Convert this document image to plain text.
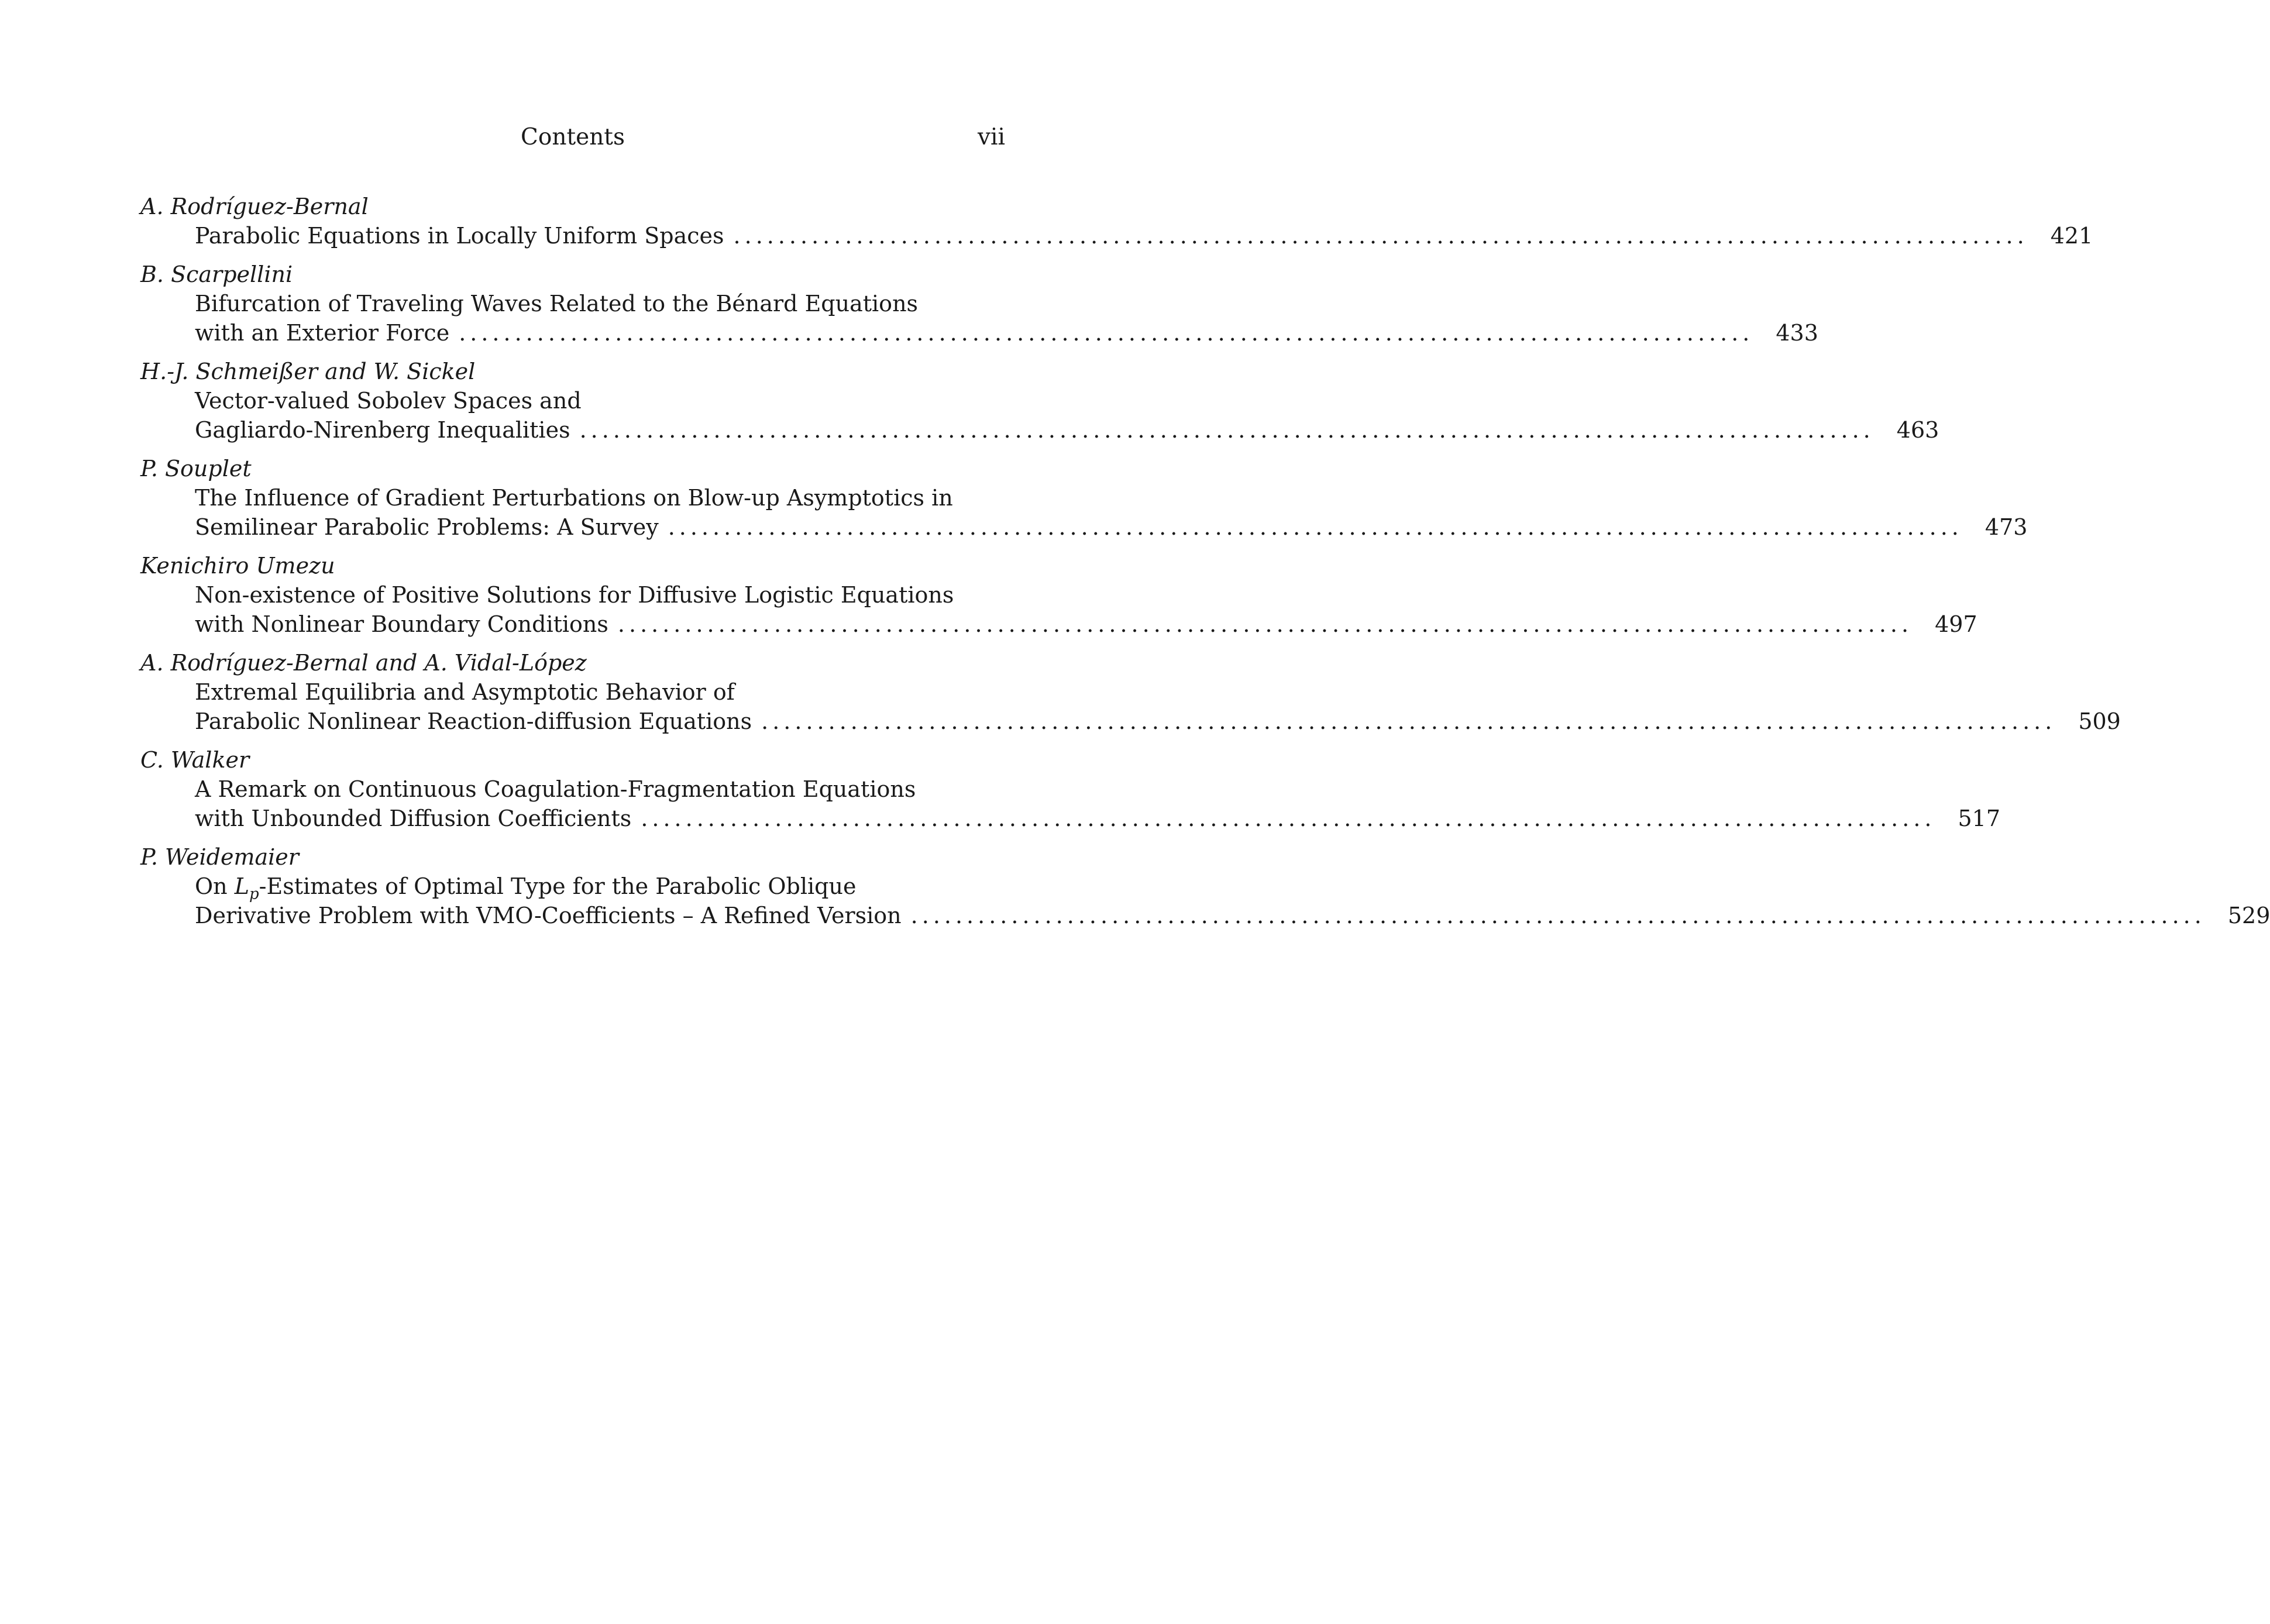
Contents	vii
A. Rodríguez-Bernal
Parabolic Equations in Locally Uniform Spaces .................................................................................................................... 421
B. Scarpellini
Bifurcation of Traveling Waves Related to the Bénard Equations
with an Exterior Force .................................................................................................................... 433
H.-J. Schmeißer and W. Sickel
Vector-valued Sobolev Spaces and
Gagliardo-Nirenberg Inequalities .................................................................................................................... 463
P. Souplet
The Influence of Gradient Perturbations on Blow-up Asymptotics in
Semilinear Parabolic Problems: A Survey .................................................................................................................... 473
Kenichiro Umezu
Non-existence of Positive Solutions for Diffusive Logistic Equations
with Nonlinear Boundary Conditions .................................................................................................................... 497
A. Rodríguez-Bernal and A. Vidal-López
Extremal Equilibria and Asymptotic Behavior of
Parabolic Nonlinear Reaction-diffusion Equations .................................................................................................................... 509
C. Walker
A Remark on Continuous Coagulation-Fragmentation Equations
with Unbounded Diffusion Coefficients .................................................................................................................... 517
P. Weidemaier
On $L_p$-Estimates of Optimal Type for the Parabolic Oblique
Derivative Problem with VMO-Coefficients – A Refined Version .................................................................................................................... 529
